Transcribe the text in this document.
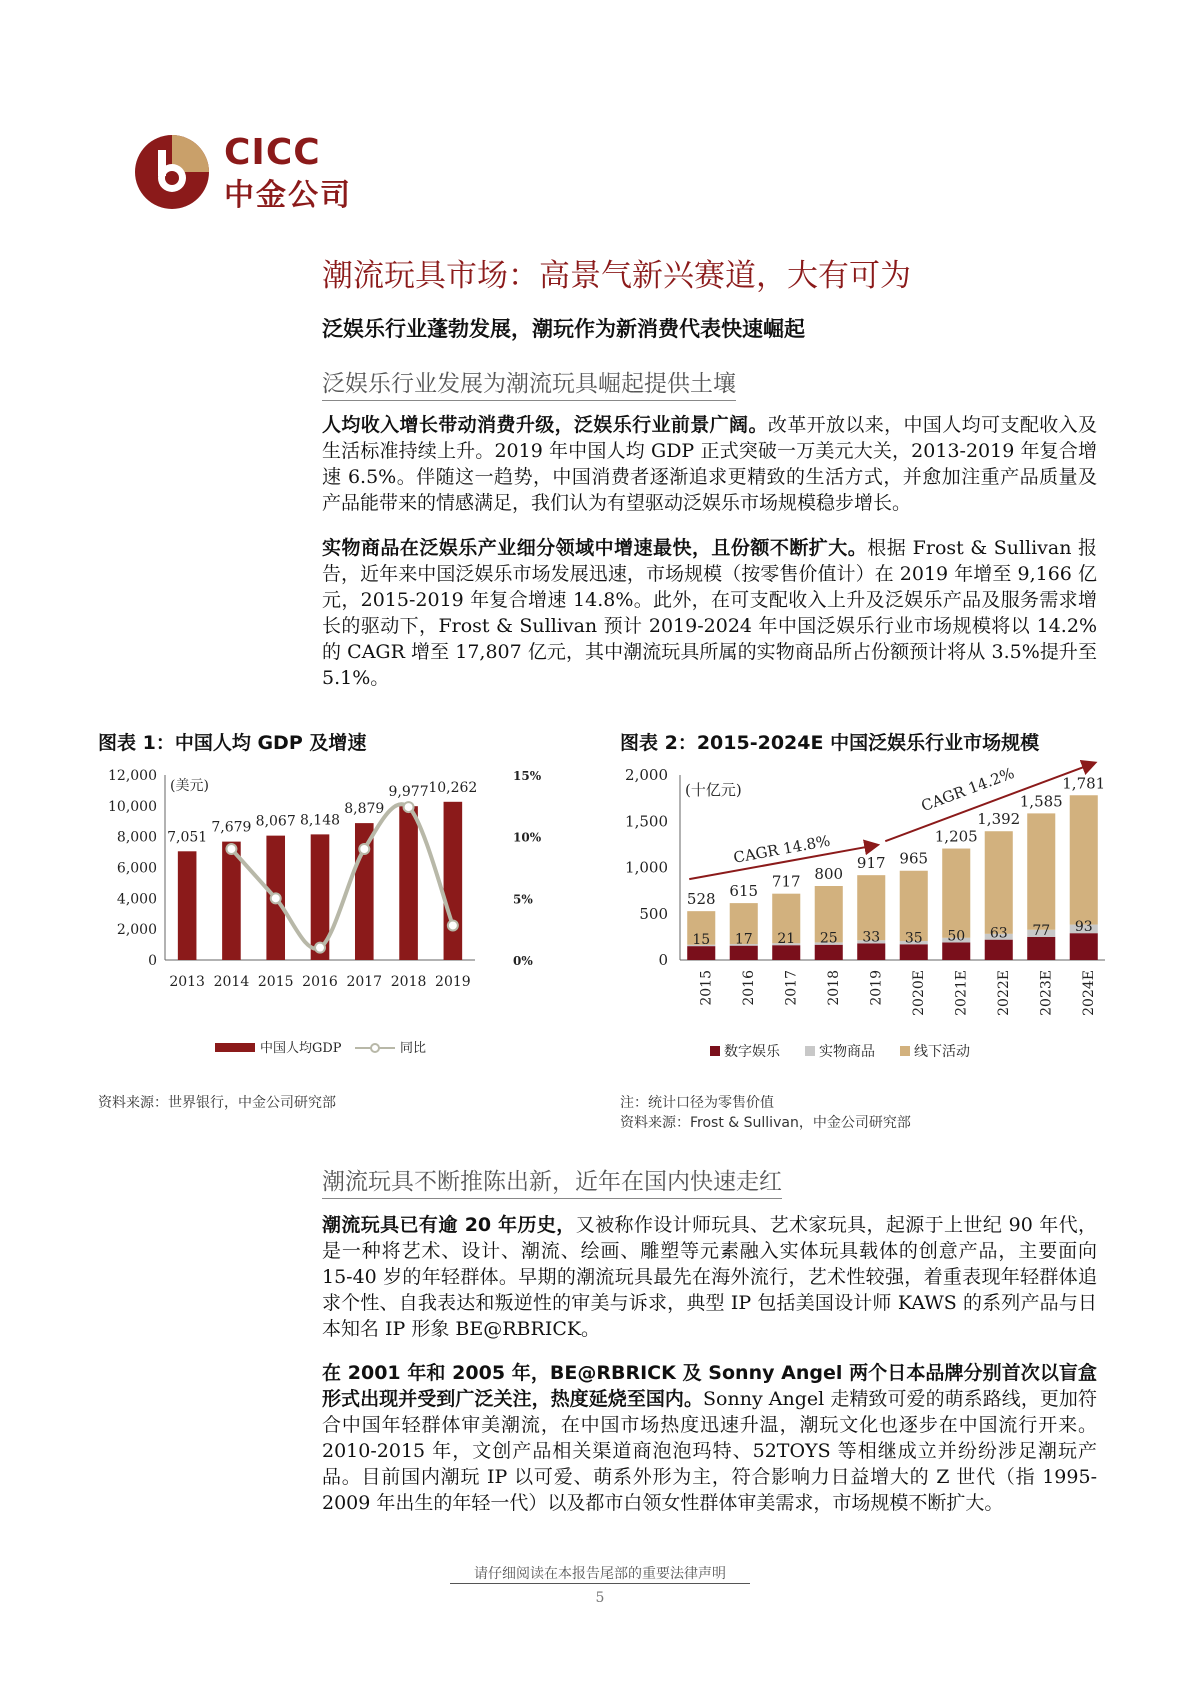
CICC
中金公司
潮流玩具市场：高景气新兴赛道，大有可为
泛娱乐行业蓬勃发展，潮玩作为新消费代表快速崛起
泛娱乐行业发展为潮流玩具崛起提供土壤
人均收入增长带动消费升级，泛娱乐行业前景广阔。改革开放以来，中国人均可支配收入及生活标准持续上升。2019 年中国人均 GDP 正式突破一万美元大关，2013-2019 年复合增速 6.5%。伴随这一趋势，中国消费者逐渐追求更精致的生活方式，并愈加注重产品质量及产品能带来的情感满足，我们认为有望驱动泛娱乐市场规模稳步增长。
实物商品在泛娱乐产业细分领域中增速最快，且份额不断扩大。根据 Frost & Sullivan 报告，近年来中国泛娱乐市场发展迅速，市场规模（按零售价值计）在 2019 年增至 9,166 亿元，2015-2019 年复合增速 14.8%。此外，在可支配收入上升及泛娱乐产品及服务需求增长的驱动下，Frost & Sullivan 预计 2019-2024 年中国泛娱乐行业市场规模将以 14.2%的 CAGR 增至 17,807 亿元，其中潮流玩具所属的实物商品所占份额预计将从 3.5%提升至 5.1%。
图表 1：中国人均 GDP 及增速
0
2,000
4,000
6,000
8,000
10,000
12,000
0%
5%
10%
15%
(美元)
7,051
2013
7,679
2014
8,067
2015
8,148
2016
8,879
2017
9,977
2018
10,262
2019
中国人均GDP	同比
资料来源：世界银行，中金公司研究部
图表 2：2015-2024E 中国泛娱乐行业市场规模
0
500
1,000
1,500
2,000
(十亿元)
528
15
2015
615
17
2016
717
21
2017
800
25
2018
917
33
2019
965
35
2020E
1,205
50
2021E
1,392
63
2022E
1,585
77
2023E
1,781
93
2024E
CAGR 14.8%
CAGR 14.2%
数字娱乐	实物商品	线下活动
注：统计口径为零售价值
资料来源：Frost & Sullivan，中金公司研究部
潮流玩具不断推陈出新，近年在国内快速走红
潮流玩具已有逾 20 年历史，又被称作设计师玩具、艺术家玩具，起源于上世纪 90 年代，是一种将艺术、设计、潮流、绘画、雕塑等元素融入实体玩具载体的创意产品，主要面向 15-40 岁的年轻群体。早期的潮流玩具最先在海外流行，艺术性较强，着重表现年轻群体追求个性、自我表达和叛逆性的审美与诉求，典型 IP 包括美国设计师 KAWS 的系列产品与日本知名 IP 形象 BE@RBRICK。
在 2001 年和 2005 年，BE@RBRICK 及 Sonny Angel 两个日本品牌分别首次以盲盒形式出现并受到广泛关注，热度延烧至国内。Sonny Angel 走精致可爱的萌系路线，更加符合中国年轻群体审美潮流，在中国市场热度迅速升温，潮玩文化也逐步在中国流行开来。2010-2015 年，文创产品相关渠道商泡泡玛特、52TOYS 等相继成立并纷纷涉足潮玩产品。目前国内潮玩 IP 以可爱、萌系外形为主，符合影响力日益增大的 Z 世代（指 1995-2009 年出生的年轻一代）以及都市白领女性群体审美需求，市场规模不断扩大。
请仔细阅读在本报告尾部的重要法律声明
5
